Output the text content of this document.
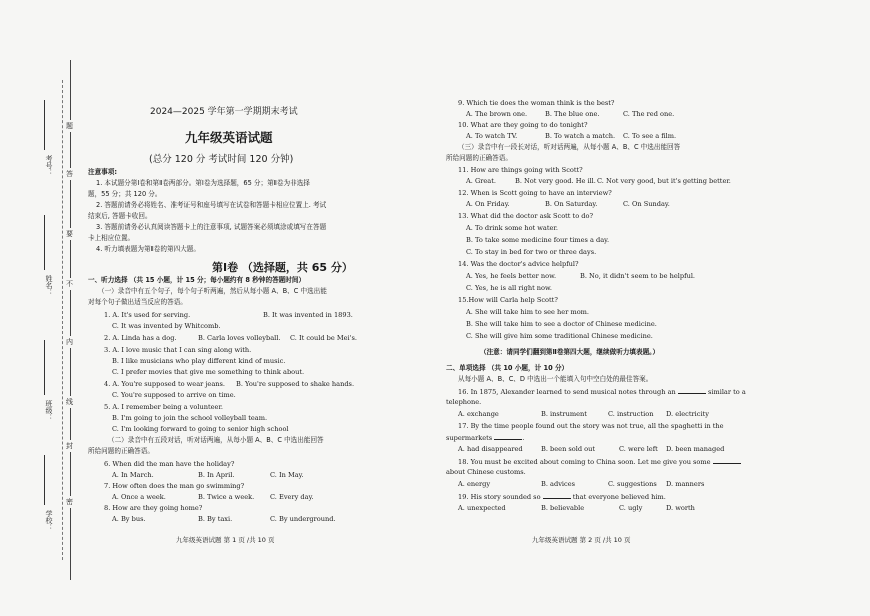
考号：
姓名：
班级：
学校：
题
答
要
不
内
线
封
密
2024—2025 学年第一学期期末考试
九年级英语试题
(总分 120 分 考试时间 120 分钟)
注意事项:
1. 本试题分第Ⅰ卷和第Ⅱ卷两部分。第Ⅰ卷为选择题，65 分；第Ⅱ卷为非选择
题，55 分；共 120 分。
2. 答题前请务必将姓名、准考证号和座号填写在试卷和答题卡相应位置上. 考试
结束后, 答题卡收回。
3. 答题前请务必认真阅读答题卡上的注意事项, 试题答案必须填涂或填写在答题
卡上相应位置。
4. 听力填表题为第Ⅱ卷的第四大题。
第Ⅰ卷 （选择题，共 65 分）
一、听力选择 （共 15 小题，计 15 分；每小题约有 8 秒钟的答题时间）
（一）录音中有五个句子，每个句子听两遍，然后从每小题 A、B、C 中选出能
对每个句子做出适当反应的答语。
1. A. It's used for serving.	B. It was invented in 1893.
C. It was invented by Whitcomb.
2. A. Linda has a dog.	B. Carla loves volleyball. C. It could be Mei's.
3. A. I love music that I can sing along with.
B. I like musicians who play different kind of music.
C. I prefer movies that give me something to think about.
4. A. You're supposed to wear jeans. B. You're supposed to shake hands.
C. You're supposed to arrive on time.
5. A. I remember being a volunteer.
B. I'm going to join the school volleyball team.
C. I'm looking forward to going to senior high school
（二）录音中有五段对话，听对话两遍，从每小题 A、B、C 中选出能回答
所给问题的正确答语。
6. When did the man have the holiday?
A. In March.	B. In April.	C. In May.
7. How often does the man go swimming?
A. Once a week.	B. Twice a week. C. Every day.
8. How are they going home?
A. By bus.	B. By taxi.	C. By underground.
九年级英语试题 第 1 页 /共 10 页
9. Which tie does the woman think is the best?
A. The brown one.	B. The blue one.	C. The red one.
10. What are they going to do tonight?
A. To watch TV.	B. To watch a match. C. To see a film.
（三）录音中有一段长对话，听对话两遍，从每小题 A、B、C 中选出能回答
所给问题的正确答语。
11. How are things going with Scott?
A. Great.	B. Not very good. He ill. C. Not very good, but it's getting better.
12. When is Scott going to have an interview?
A. On Friday.	B. On Saturday.	C. On Sunday.
13. What did the doctor ask Scott to do?
A. To drink some hot water.
B. To take some medicine four times a day.
C. To stay in bed for two or three days.
14. Was the doctor's advice helpful?
A. Yes, he feels better now.	B. No, it didn't seem to be helpful.
C. Yes, he is all right now.
15.How will Carla help Scott?
A. She will take him to see her mom.
B. She will take him to see a doctor of Chinese medicine.
C. She will give him some traditional Chinese medicine.
（注意：请同学们翻到第Ⅱ卷第四大题，继续做听力填表题。）
二、单项选择 （共 10 小题，计 10 分）
从每小题 A、B、C、D 中选出一个能填入句中空白处的最佳答案。
16. In 1875, Alexander learned to send musical notes through an	similar to a
telephone.
A. exchange	B. instrument	C. instruction D. electricity
17. By the time people found out the story was not true, all the spaghetti in the
supermarkets	.
A. had disappeared	B. been sold out	C. were left D. been managed
18. You must be excited about coming to China soon. Let me give you some
about Chinese customs.
A. energy	B. advices	C. suggestions D. manners
19. His story sounded so	that everyone believed him.
A. unexpected	B. believable	C. ugly	D. worth
九年级英语试题 第 2 页 /共 10 页
